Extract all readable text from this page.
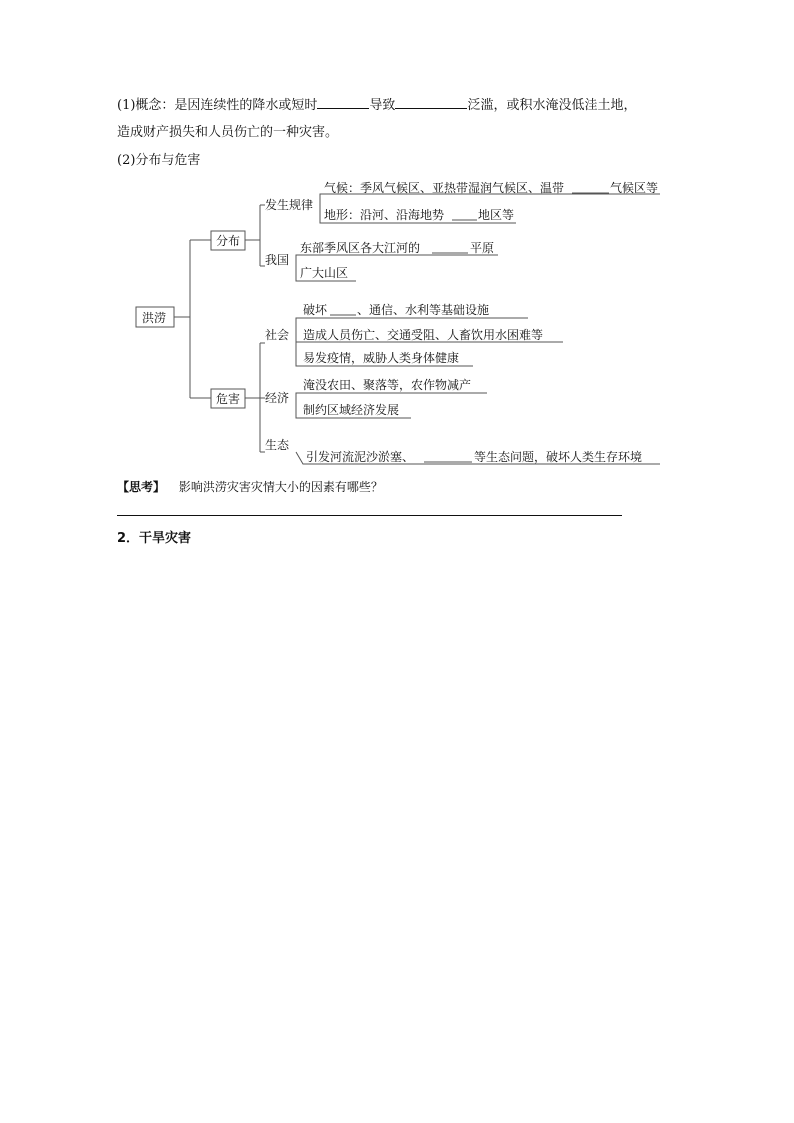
(1)概念：是因连续性的降水或短时	导致	泛滥，或积水淹没低洼土地，
造成财产损失和人员伤亡的一种灾害。
(2)分布与危害
洪涝
分布
发生规律
气候：季风气候区、亚热带湿润气候区、温带	气候区等
地形：沿河、沿海地势	地区等
我国
东部季风区各大江河的	平原
广大山区
危害
社会
破坏 、通信、水利等基础设施
造成人员伤亡、交通受阻、人畜饮用水困难等
易发疫情，威胁人类身体健康
经济
淹没农田、聚落等，农作物减产
制约区域经济发展
生态
引发河流泥沙淤塞、	等生态问题，破坏人类生存环境
【思考】 影响洪涝灾害灾情大小的因素有哪些？
2．干旱灾害
